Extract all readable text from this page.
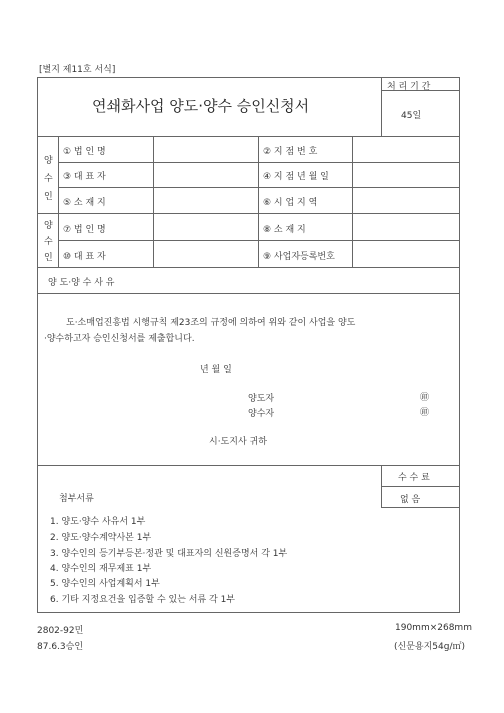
[별지 제11호 서식]
연쇄화사업 양도·양수 승인신청서
처 리 기 간
45일
양
수
인
① 법 인 명
③ 대 표 자
⑤ 소 재 지
② 지 점 번 호
④ 지 점 년 월 일
⑥ 시 업 지 역
양
수
인
⑦ 법 인 명
⑩ 대 표 자
⑧ 소 재 지
⑨ 사업자등록번호
양 도·양 수 사 유
도·소매업진흥법 시행규칙 제23조의 규정에 의하여 위와 같이 사업을 양도
·양수하고자 승인신청서를 제출합니다.
년 월 일
양도자	㊞
양수자	㊞
시·도지사 귀하
수 수 료
없 음
첨부서류
1. 양도·양수 사유서 1부
2. 양도·양수계약사본 1부
3. 양수인의 등기부등본·정관 및 대표자의 신원증명서 각 1부
4. 양수인의 재무제표 1부
5. 양수인의 사업계획서 1부
6. 기타 지정요건을 입증할 수 있는 서류 각 1부
2802-92민
87.6.3승인
190mm×268mm
(신문용지54g/㎡)
